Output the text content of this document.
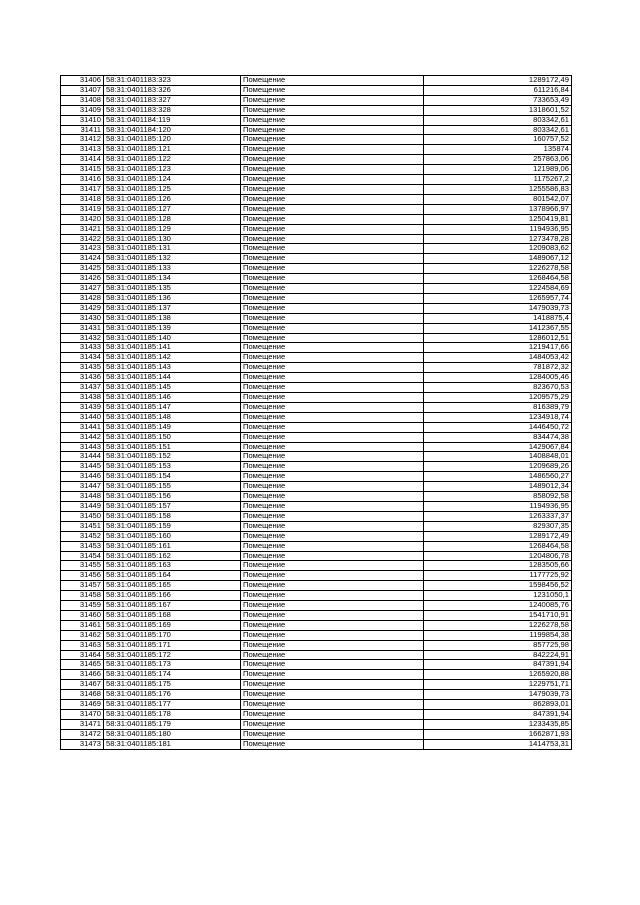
31406	58:31:0401183:323	Помещение	1289172,49
31407	58:31:0401183:326	Помещение	611216,84
31408	58:31:0401183:327	Помещение	733653,49
31409	58:31:0401183:328	Помещение	1318601,52
31410	58:31:0401184:119	Помещение	803342,61
31411	58:31:0401184:120	Помещение	803342,61
31412	58:31:0401185:120	Помещение	160757,52
31413	58:31:0401185:121	Помещение	135874
31414	58:31:0401185:122	Помещение	257863,06
31415	58:31:0401185:123	Помещение	121989,06
31416	58:31:0401185:124	Помещение	1175267,2
31417	58:31:0401185:125	Помещение	1255586,83
31418	58:31:0401185:126	Помещение	801542,07
31419	58:31:0401185:127	Помещение	1378966,97
31420	58:31:0401185:128	Помещение	1250419,81
31421	58:31:0401185:129	Помещение	1194936,95
31422	58:31:0401185:130	Помещение	1273478,28
31423	58:31:0401185:131	Помещение	1209083,62
31424	58:31:0401185:132	Помещение	1489067,12
31425	58:31:0401185:133	Помещение	1226278,58
31426	58:31:0401185:134	Помещение	1268464,58
31427	58:31:0401185:135	Помещение	1224584,69
31428	58:31:0401185:136	Помещение	1265957,74
31429	58:31:0401185:137	Помещение	1479039,73
31430	58:31:0401185:138	Помещение	1418875,4
31431	58:31:0401185:139	Помещение	1412367,55
31432	58:31:0401185:140	Помещение	1286012,51
31433	58:31:0401185:141	Помещение	1219417,66
31434	58:31:0401185:142	Помещение	1484053,42
31435	58:31:0401185:143	Помещение	781872,32
31436	58:31:0401185:144	Помещение	1284005,46
31437	58:31:0401185:145	Помещение	823670,53
31438	58:31:0401185:146	Помещение	1209575,29
31439	58:31:0401185:147	Помещение	816389,79
31440	58:31:0401185:148	Помещение	1234918,74
31441	58:31:0401185:149	Помещение	1446450,72
31442	58:31:0401185:150	Помещение	834474,38
31443	58:31:0401185:151	Помещение	1429067,84
31444	58:31:0401185:152	Помещение	1408848,01
31445	58:31:0401185:153	Помещение	1209689,26
31446	58:31:0401185:154	Помещение	1486560,27
31447	58:31:0401185:155	Помещение	1489012,34
31448	58:31:0401185:156	Помещение	858092,58
31449	58:31:0401185:157	Помещение	1194936,95
31450	58:31:0401185:158	Помещение	1263337,37
31451	58:31:0401185:159	Помещение	829307,35
31452	58:31:0401185:160	Помещение	1289172,49
31453	58:31:0401185:161	Помещение	1268464,58
31454	58:31:0401185:162	Помещение	1204806,78
31455	58:31:0401185:163	Помещение	1283505,66
31456	58:31:0401185:164	Помещение	1177725,92
31457	58:31:0401185:165	Помещение	1598456,52
31458	58:31:0401185:166	Помещение	1231050,1
31459	58:31:0401185:167	Помещение	1240085,76
31460	58:31:0401185:168	Помещение	1541710,91
31461	58:31:0401185:169	Помещение	1226278,58
31462	58:31:0401185:170	Помещение	1199854,38
31463	58:31:0401185:171	Помещение	857725,98
31464	58:31:0401185:172	Помещение	842224,91
31465	58:31:0401185:173	Помещение	847391,94
31466	58:31:0401185:174	Помещение	1265920,88
31467	58:31:0401185:175	Помещение	1229751,71
31468	58:31:0401185:176	Помещение	1479039,73
31469	58:31:0401185:177	Помещение	862893,01
31470	58:31:0401185:178	Помещение	847391,94
31471	58:31:0401185:179	Помещение	1233435,85
31472	58:31:0401185:180	Помещение	1662871,93
31473	58:31:0401185:181	Помещение	1414753,31
